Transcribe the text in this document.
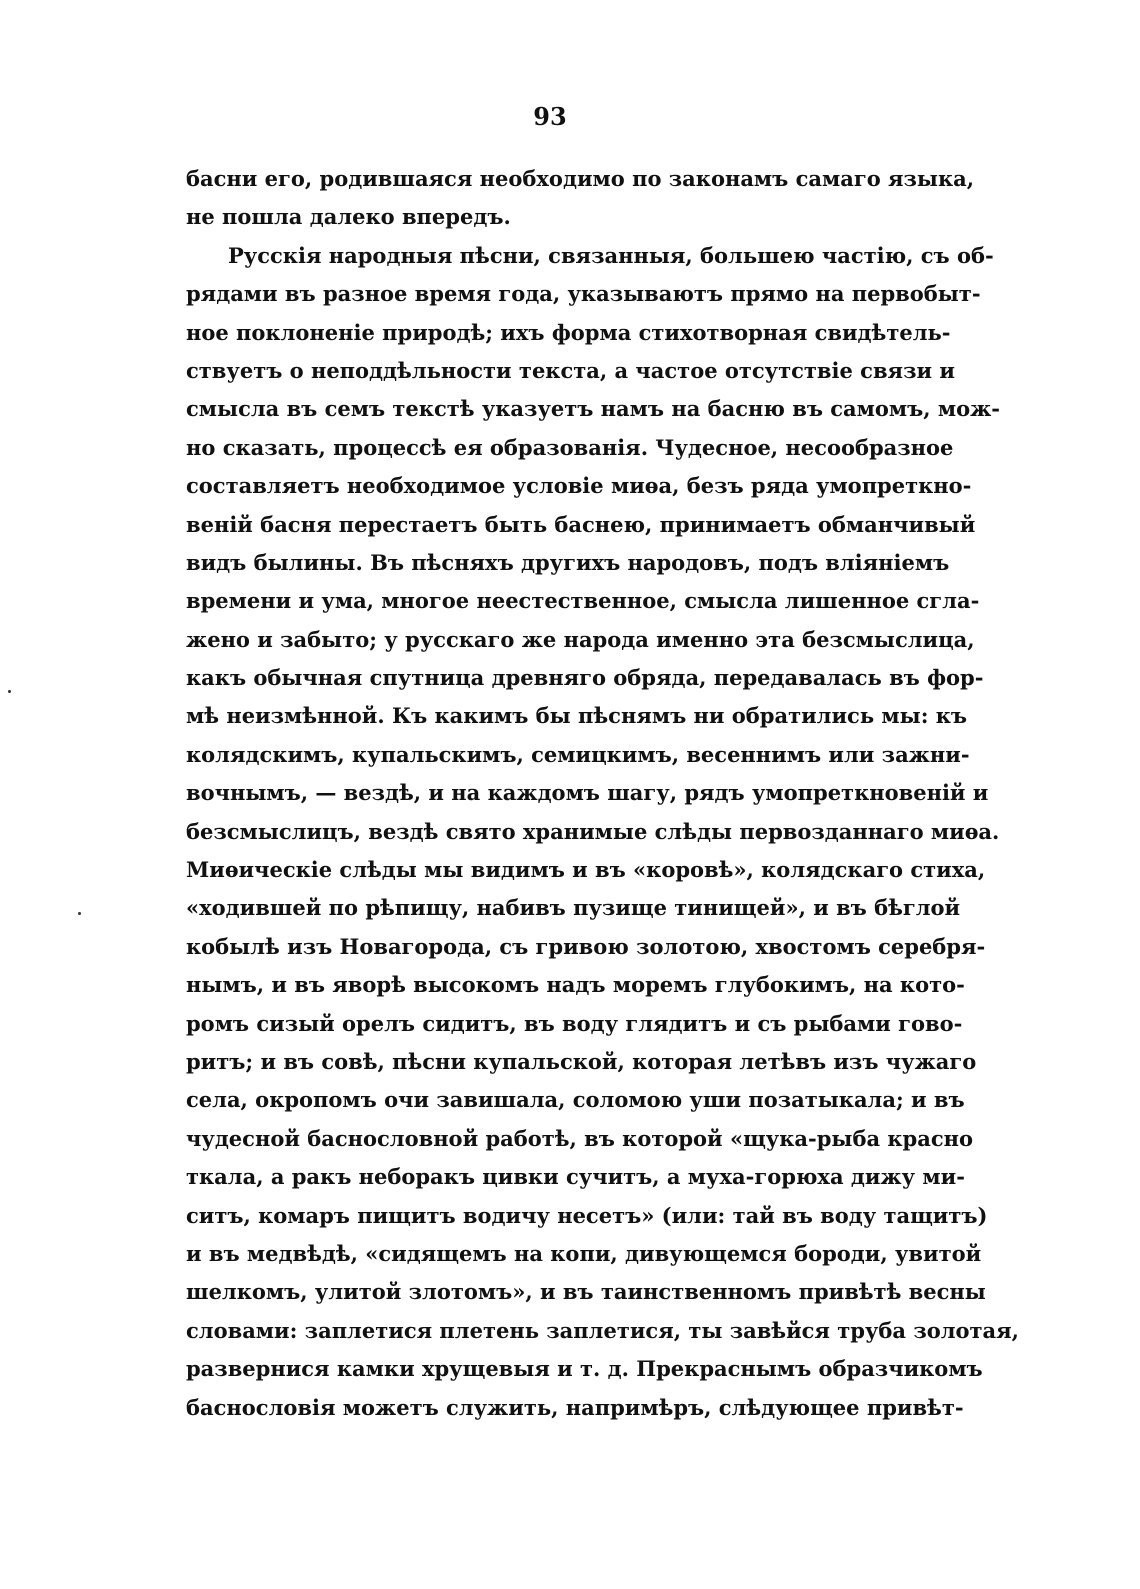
93
басни его, родившаяся необходимо по законамъ самаго языка,
не пошла далеко впередъ.
Русскія народныя пѣсни, связанныя, большею частію, съ об-
рядами въ разное время года, указываютъ прямо на первобыт-
ное поклоненіе природѣ; ихъ форма стихотворная свидѣтель-
ствуетъ о неподдѣльности текста, а частое отсутствіе связи и
смысла въ семъ текстѣ указуетъ намъ на басню въ самомъ, мож-
но сказать, процессѣ ея образованія. Чудесное, несообразное
составляетъ необходимое условіе миѳа, безъ ряда умопреткно-
веній басня перестаетъ быть баснею, принимаетъ обманчивый
видъ былины. Въ пѣсняхъ другихъ народовъ, подъ вліяніемъ
времени и ума, многое неестественное, смысла лишенное сгла-
жено и забыто; у русскаго же народа именно эта безсмыслица,
какъ обычная спутница древняго обряда, передавалась въ фор-
мѣ неизмѣнной. Къ какимъ бы пѣснямъ ни обратились мы: къ
колядскимъ, купальскимъ, семицкимъ, весеннимъ или зажни-
вочнымъ, — вездѣ, и на каждомъ шагу, рядъ умопреткновеній и
безсмыслицъ, вездѣ свято хранимые слѣды первозданнаго миѳа.
Миѳическіе слѣды мы видимъ и въ «коровѣ», колядскаго стиха,
«ходившей по рѣпищу, набивъ пузище тинищей», и въ бѣглой
кобылѣ изъ Новагорода, съ гривою золотою, хвостомъ серебря-
нымъ, и въ яворѣ высокомъ надъ моремъ глубокимъ, на кото-
ромъ сизый орелъ сидитъ, въ воду глядитъ и съ рыбами гово-
ритъ; и въ совѣ, пѣсни купальской, которая летѣвъ изъ чужаго
села, окропомъ очи завишала, соломою уши позатыкала; и въ
чудесной баснословной работѣ, въ которой «щука-рыба красно
ткала, а ракъ неборакъ цивки сучитъ, а муха-горюха дижу ми-
ситъ, комаръ пищитъ водичу несетъ» (или: тай въ воду тащитъ)
и въ медвѣдѣ, «сидящемъ на копи, дивующемся бороди, увитой
шелкомъ, улитой злотомъ», и въ таинственномъ привѣтѣ весны
словами: заплетися плетень заплетися, ты завѣйся труба золотая,
развернися камки хрущевыя и т. д. Прекраснымъ образчикомъ
баснословія можетъ служить, напримѣръ, слѣдующее привѣт-
